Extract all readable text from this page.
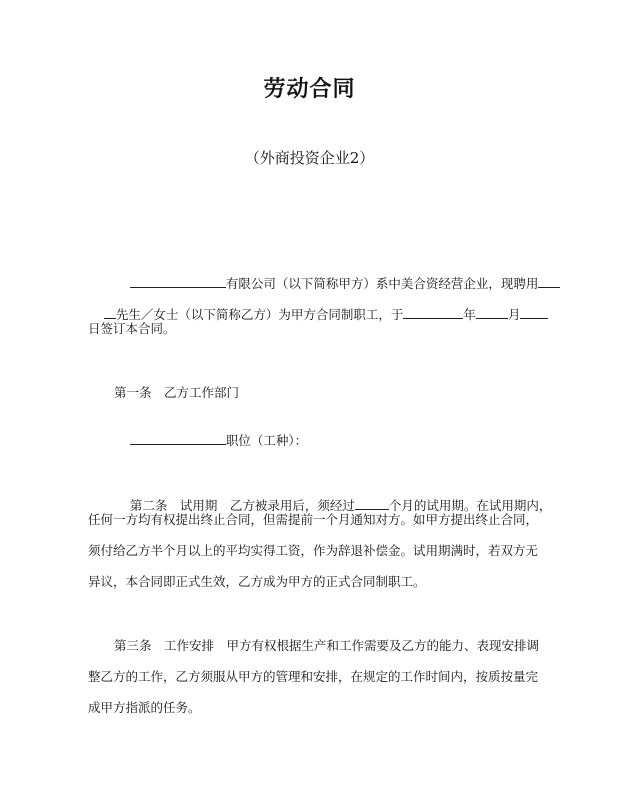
劳动合同
（外商投资企业2）

有限公司（以下简称甲方）系中美合资经营企业，现聘用

先生／女士（以下简称乙方）为甲方合同制职工，于	年	月

日签订本合同。
第一条　乙方工作部门

职位（工种）：

第二条　试用期　乙方被录用后，须经过	个月的试用期。在试用期内，

任何一方均有权提出终止合同，但需提前一个月通知对方。如甲方提出终止合同，
须付给乙方半个月以上的平均实得工资，作为辞退补偿金。试用期满时，若双方无
异议，本合同即正式生效，乙方成为甲方的正式合同制职工。
第三条　工作安排　甲方有权根据生产和工作需要及乙方的能力、表现安排调
整乙方的工作，乙方须服从甲方的管理和安排，在规定的工作时间内，按质按量完
成甲方指派的任务。
